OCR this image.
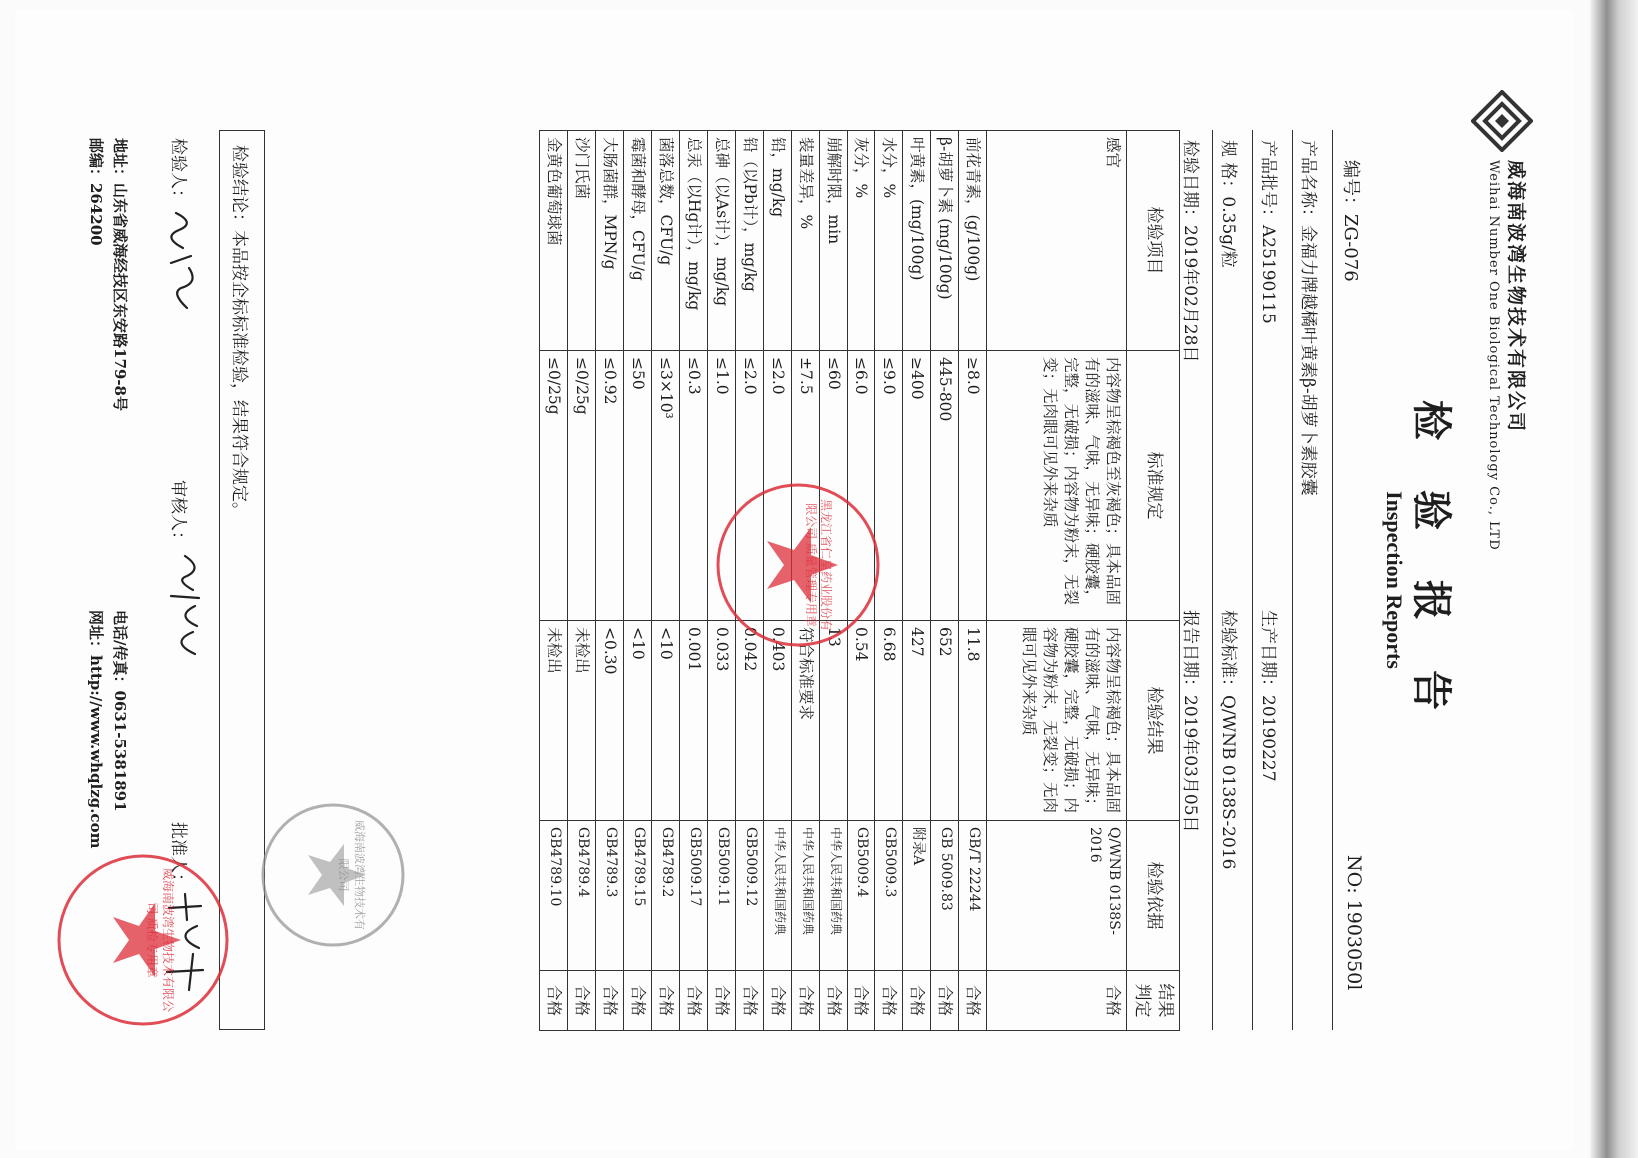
威海南波湾生物技术有限公司
Weihai Number One Biological Technology Co., LTD
检验报告
Inspection Reports
编号：ZG-076
NO: 1903050l
产品名称：金福力牌越橘叶黄素β-胡萝卜素胶囊
产品批号：A25190115
生产日期：20190227
规 格：0.35g/粒
检验标准：Q/WNB 0138S-2016
检验日期：2019年02月28日
报告日期：2019年03月05日
检验项目	标准规定	检验结果	检验依据	结果判定
感官	内容物呈棕褐色至灰褐色；具本品固有的滋味、气味，无异味；硬胶囊，完整，无破损；内容物为粉末，无裂变；无肉眼可见外来杂质	内容物呈棕褐色；具本品固有的滋味、气味，无异味；硬胶囊，完整，无破损；内容物为粉末，无裂变；无肉眼可见外来杂质	Q/WNB 0138S-2016	合格
前花青素，(g/100g)	≥8.0	11.8	GB/T 22244	合格
β-胡萝卜素 (mg/100g)	445-800	652	GB 5009.83	合格
叶黄素，(mg/100g)	≥400	427	附录A	合格
水分，%	≤9.0	6.68	GB5009.3	合格
灰分，%	≤6.0	0.54	GB5009.4	合格
崩解时限，min	≤60	13	中华人民共和国药典	合格
装量差异，%	±7.5	符合标准要求	中华人民共和国药典	合格
铅，mg/kg	≤2.0	0.403	中华人民共和国药典	合格
铅（以Pb计），mg/kg	≤2.0	0.042	GB5009.12	合格
总砷（以As计），mg/kg	≤1.0	0.033	GB5009.11	合格
总汞（以Hg计），mg/kg	≤0.3	0.001	GB5009.17	合格
菌落总数，CFU/g	≤3×10³	<10	GB4789.2	合格
霉菌和酵母，CFU/g	≤50	<10	GB4789.15	合格
大肠菌群，MPN/g	≤0.92	<0.30	GB4789.3	合格
沙门氏菌	≤0/25g	未检出	GB4789.4	合格
金黄色葡萄球菌	≤0/25g	未检出	GB4789.10	合格
检验结论：本品按企标标准检验，结果符合规定。
检验人：
审核人：
批准人：
地址：山东省威海经技区东安路179-8号
邮编：264200
电话/传真：0631-5381891
网址：http://www.whqlzg.com
黑龙江省仁皇药业股份有限公司 质量管理专用章
威海南波湾生物技术有限公司
威海南波湾生物技术有限公司 质检专用章
